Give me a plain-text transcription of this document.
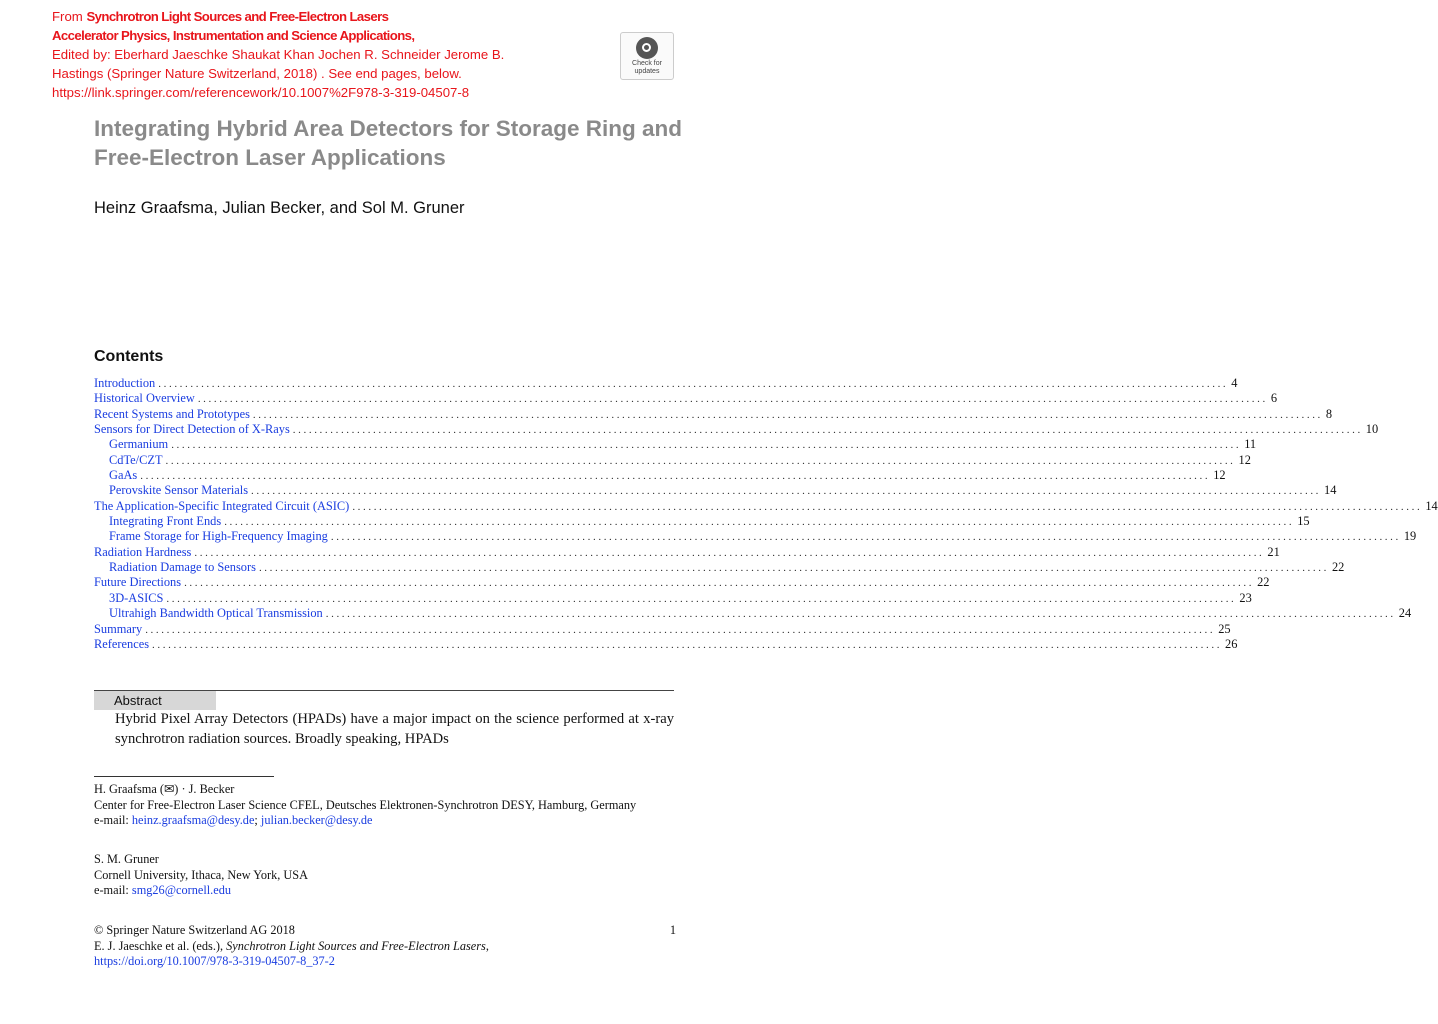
From Synchrotron Light Sources and Free-Electron Lasers
Accelerator Physics, Instrumentation and Science Applications,
Edited by: Eberhard Jaeschke Shaukat Khan Jochen R. Schneider Jerome B.
Hastings (Springer Nature Switzerland, 2018) . See end pages, below.
https://link.springer.com/referencework/10.1007%2F978-3-319-04507-8
Check for
updates
Integrating Hybrid Area Detectors for Storage Ring and Free-Electron Laser Applications
Heinz Graafsma, Julian Becker, and Sol M. Gruner
Contents
Introduction ........................................................................................................................................................................................................ 4
Historical Overview ........................................................................................................................................................................................................ 6
Recent Systems and Prototypes ........................................................................................................................................................................................................ 8
Sensors for Direct Detection of X-Rays ........................................................................................................................................................................................................ 10
Germanium ........................................................................................................................................................................................................ 11
CdTe/CZT ........................................................................................................................................................................................................ 12
GaAs ........................................................................................................................................................................................................ 12
Perovskite Sensor Materials ........................................................................................................................................................................................................ 14
The Application-Specific Integrated Circuit (ASIC) ........................................................................................................................................................................................................ 14
Integrating Front Ends ........................................................................................................................................................................................................ 15
Frame Storage for High-Frequency Imaging ........................................................................................................................................................................................................ 19
Radiation Hardness ........................................................................................................................................................................................................ 21
Radiation Damage to Sensors ........................................................................................................................................................................................................ 22
Future Directions ........................................................................................................................................................................................................ 22
3D-ASICS ........................................................................................................................................................................................................ 23
Ultrahigh Bandwidth Optical Transmission ........................................................................................................................................................................................................ 24
Summary ........................................................................................................................................................................................................ 25
References ........................................................................................................................................................................................................ 26
Abstract
Hybrid Pixel Array Detectors (HPADs) have a major impact on the science performed at x-ray synchrotron radiation sources. Broadly speaking, HPADs
H. Graafsma (✉) · J. Becker
Center for Free-Electron Laser Science CFEL, Deutsches Elektronen-Synchrotron DESY, Hamburg, Germany
e-mail: heinz.graafsma@desy.de; julian.becker@desy.de
S. M. Gruner
Cornell University, Ithaca, New York, USA
e-mail: smg26@cornell.edu
© Springer Nature Switzerland AG 2018
E. J. Jaeschke et al. (eds.), Synchrotron Light Sources and Free-Electron Lasers,
https://doi.org/10.1007/978-3-319-04507-8_37-2
1
